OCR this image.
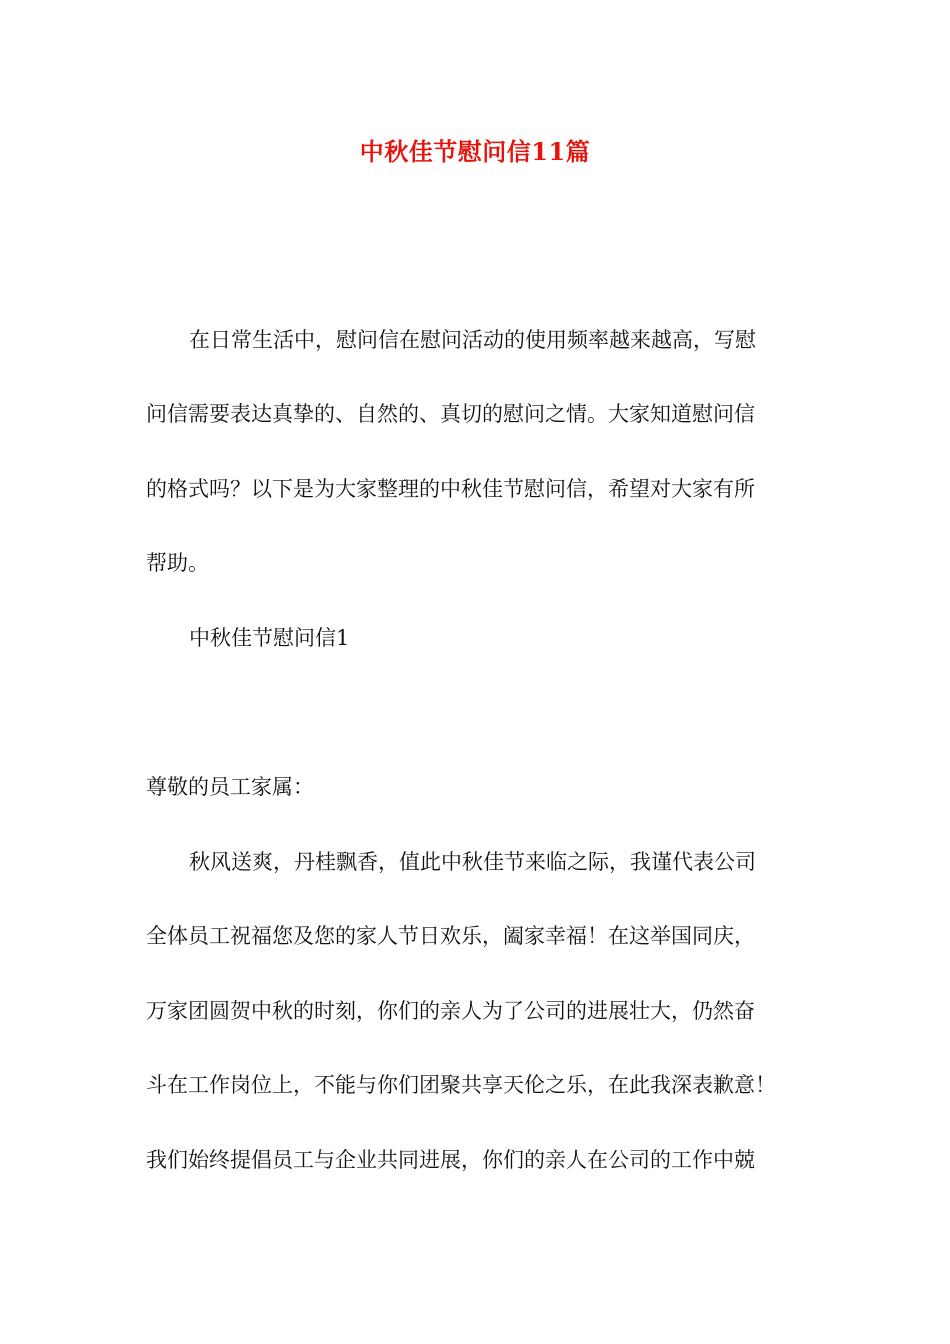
中秋佳节慰问信11篇
在日常生活中，慰问信在慰问活动的使用频率越来越高，写慰
问信需要表达真挚的、自然的、真切的慰问之情。大家知道慰问信
的格式吗？以下是为大家整理的中秋佳节慰问信，希望对大家有所
帮助。
中秋佳节慰问信1
尊敬的员工家属：
秋风送爽，丹桂飘香，值此中秋佳节来临之际，我谨代表公司
全体员工祝福您及您的家人节日欢乐，阖家幸福！在这举国同庆，
万家团圆贺中秋的时刻，你们的亲人为了公司的进展壮大，仍然奋
斗在工作岗位上，不能与你们团聚共享天伦之乐，在此我深表歉意！
我们始终提倡员工与企业共同进展，你们的亲人在公司的工作中兢
